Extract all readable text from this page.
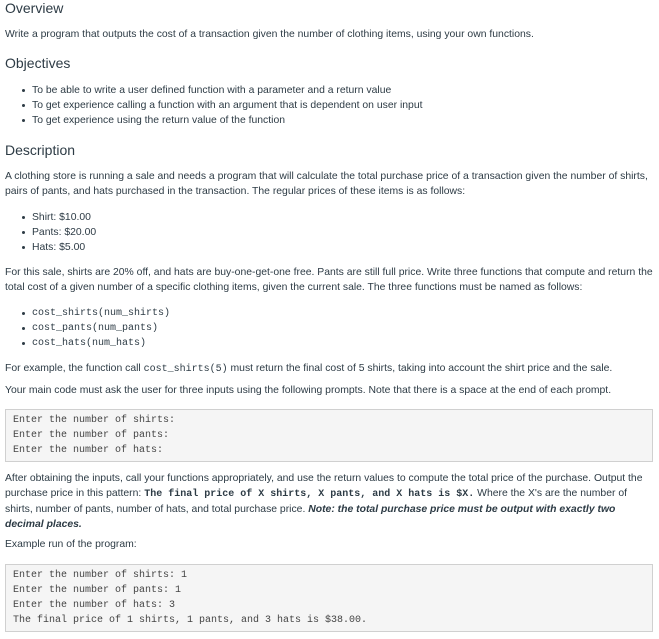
Overview

Write a program that outputs the cost of a transaction given the number of clothing items, using your own functions.

Objectives
To be able to write a user defined function with a parameter and a return value
To get experience calling a function with an argument that is dependent on user input
To get experience using the return value of the function
Description

A clothing store is running a sale and needs a program that will calculate the total purchase price of a transaction given the number of shirts, pairs of pants, and hats purchased in the transaction. The regular prices of these items is as follows:

Shirt: $10.00
Pants: $20.00
Hats: $5.00

For this sale, shirts are 20% off, and hats are buy-one-get-one free. Pants are still full price. Write three functions that compute and return the total cost of a given number of a specific clothing items, given the current sale. The three functions must be named as follows:

cost_shirts(num_shirts)
cost_pants(num_pants)
cost_hats(num_hats)

For example, the function call cost_shirts(5) must return the final cost of 5 shirts, taking into account the shirt price and the sale.

Your main code must ask the user for three inputs using the following prompts. Note that there is a space at the end of each prompt.

Enter the number of shirts:
Enter the number of pants:
Enter the number of hats:

After obtaining the inputs, call your functions appropriately, and use the return values to compute the total price of the purchase. Output the purchase price in this pattern: The final price of X shirts, X pants, and X hats is $X. Where the X's are the number of shirts, number of pants, number of hats, and total purchase price. Note: the total purchase price must be output with exactly two decimal places.

Example run of the program:

Enter the number of shirts: 1
Enter the number of pants: 1
Enter the number of hats: 3
The final price of 1 shirts, 1 pants, and 3 hats is $38.00.
